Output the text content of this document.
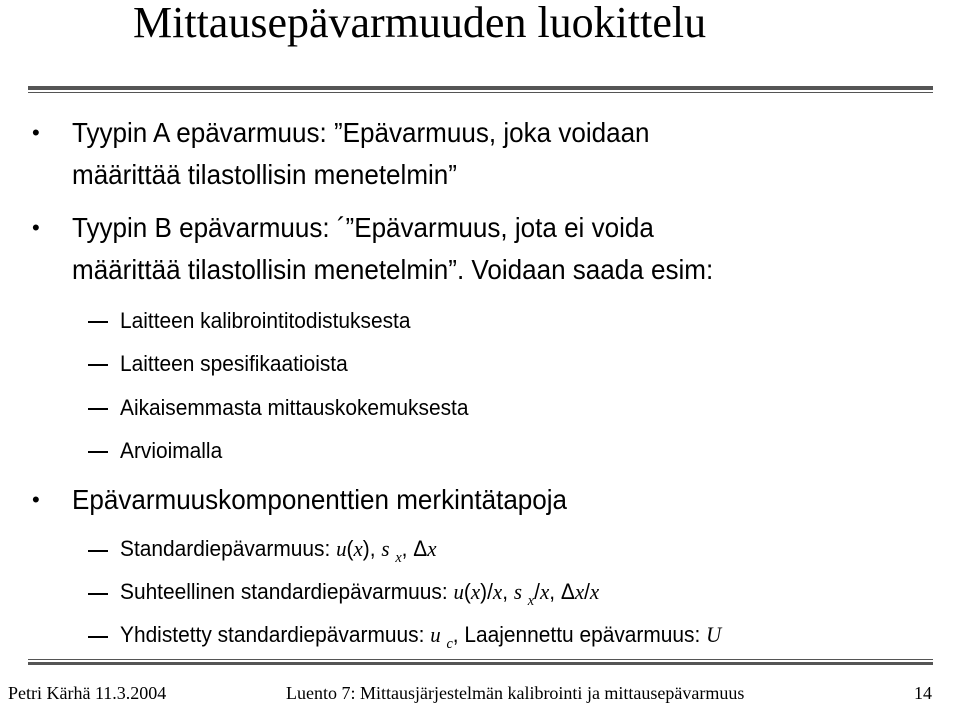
Mittausepävarmuuden luokittelu
• Tyypin A epävarmuus: ”Epävarmuus, joka voidaan
määrittää tilastollisin menetelmin”
• Tyypin B epävarmuus: ´”Epävarmuus, jota ei voida
määrittää tilastollisin menetelmin”. Voidaan saada esim:
Laitteen kalibrointitodistuksesta
Laitteen spesifikaatioista
Aikaisemmasta mittauskokemuksesta
Arvioimalla
• Epävarmuuskomponenttien merkintätapoja
Standardiepävarmuus: u(x), s $_x$, Δx
Suhteellinen standardiepävarmuus: u(x)/x, s $_x$/x, Δx/x
Yhdistetty standardiepävarmuus: u $_c$, Laajennettu epävarmuus: U
Petri Kärhä 11.3.2004	Luento 7: Mittausjärjestelmän kalibrointi ja mittausepävarmuus	14
